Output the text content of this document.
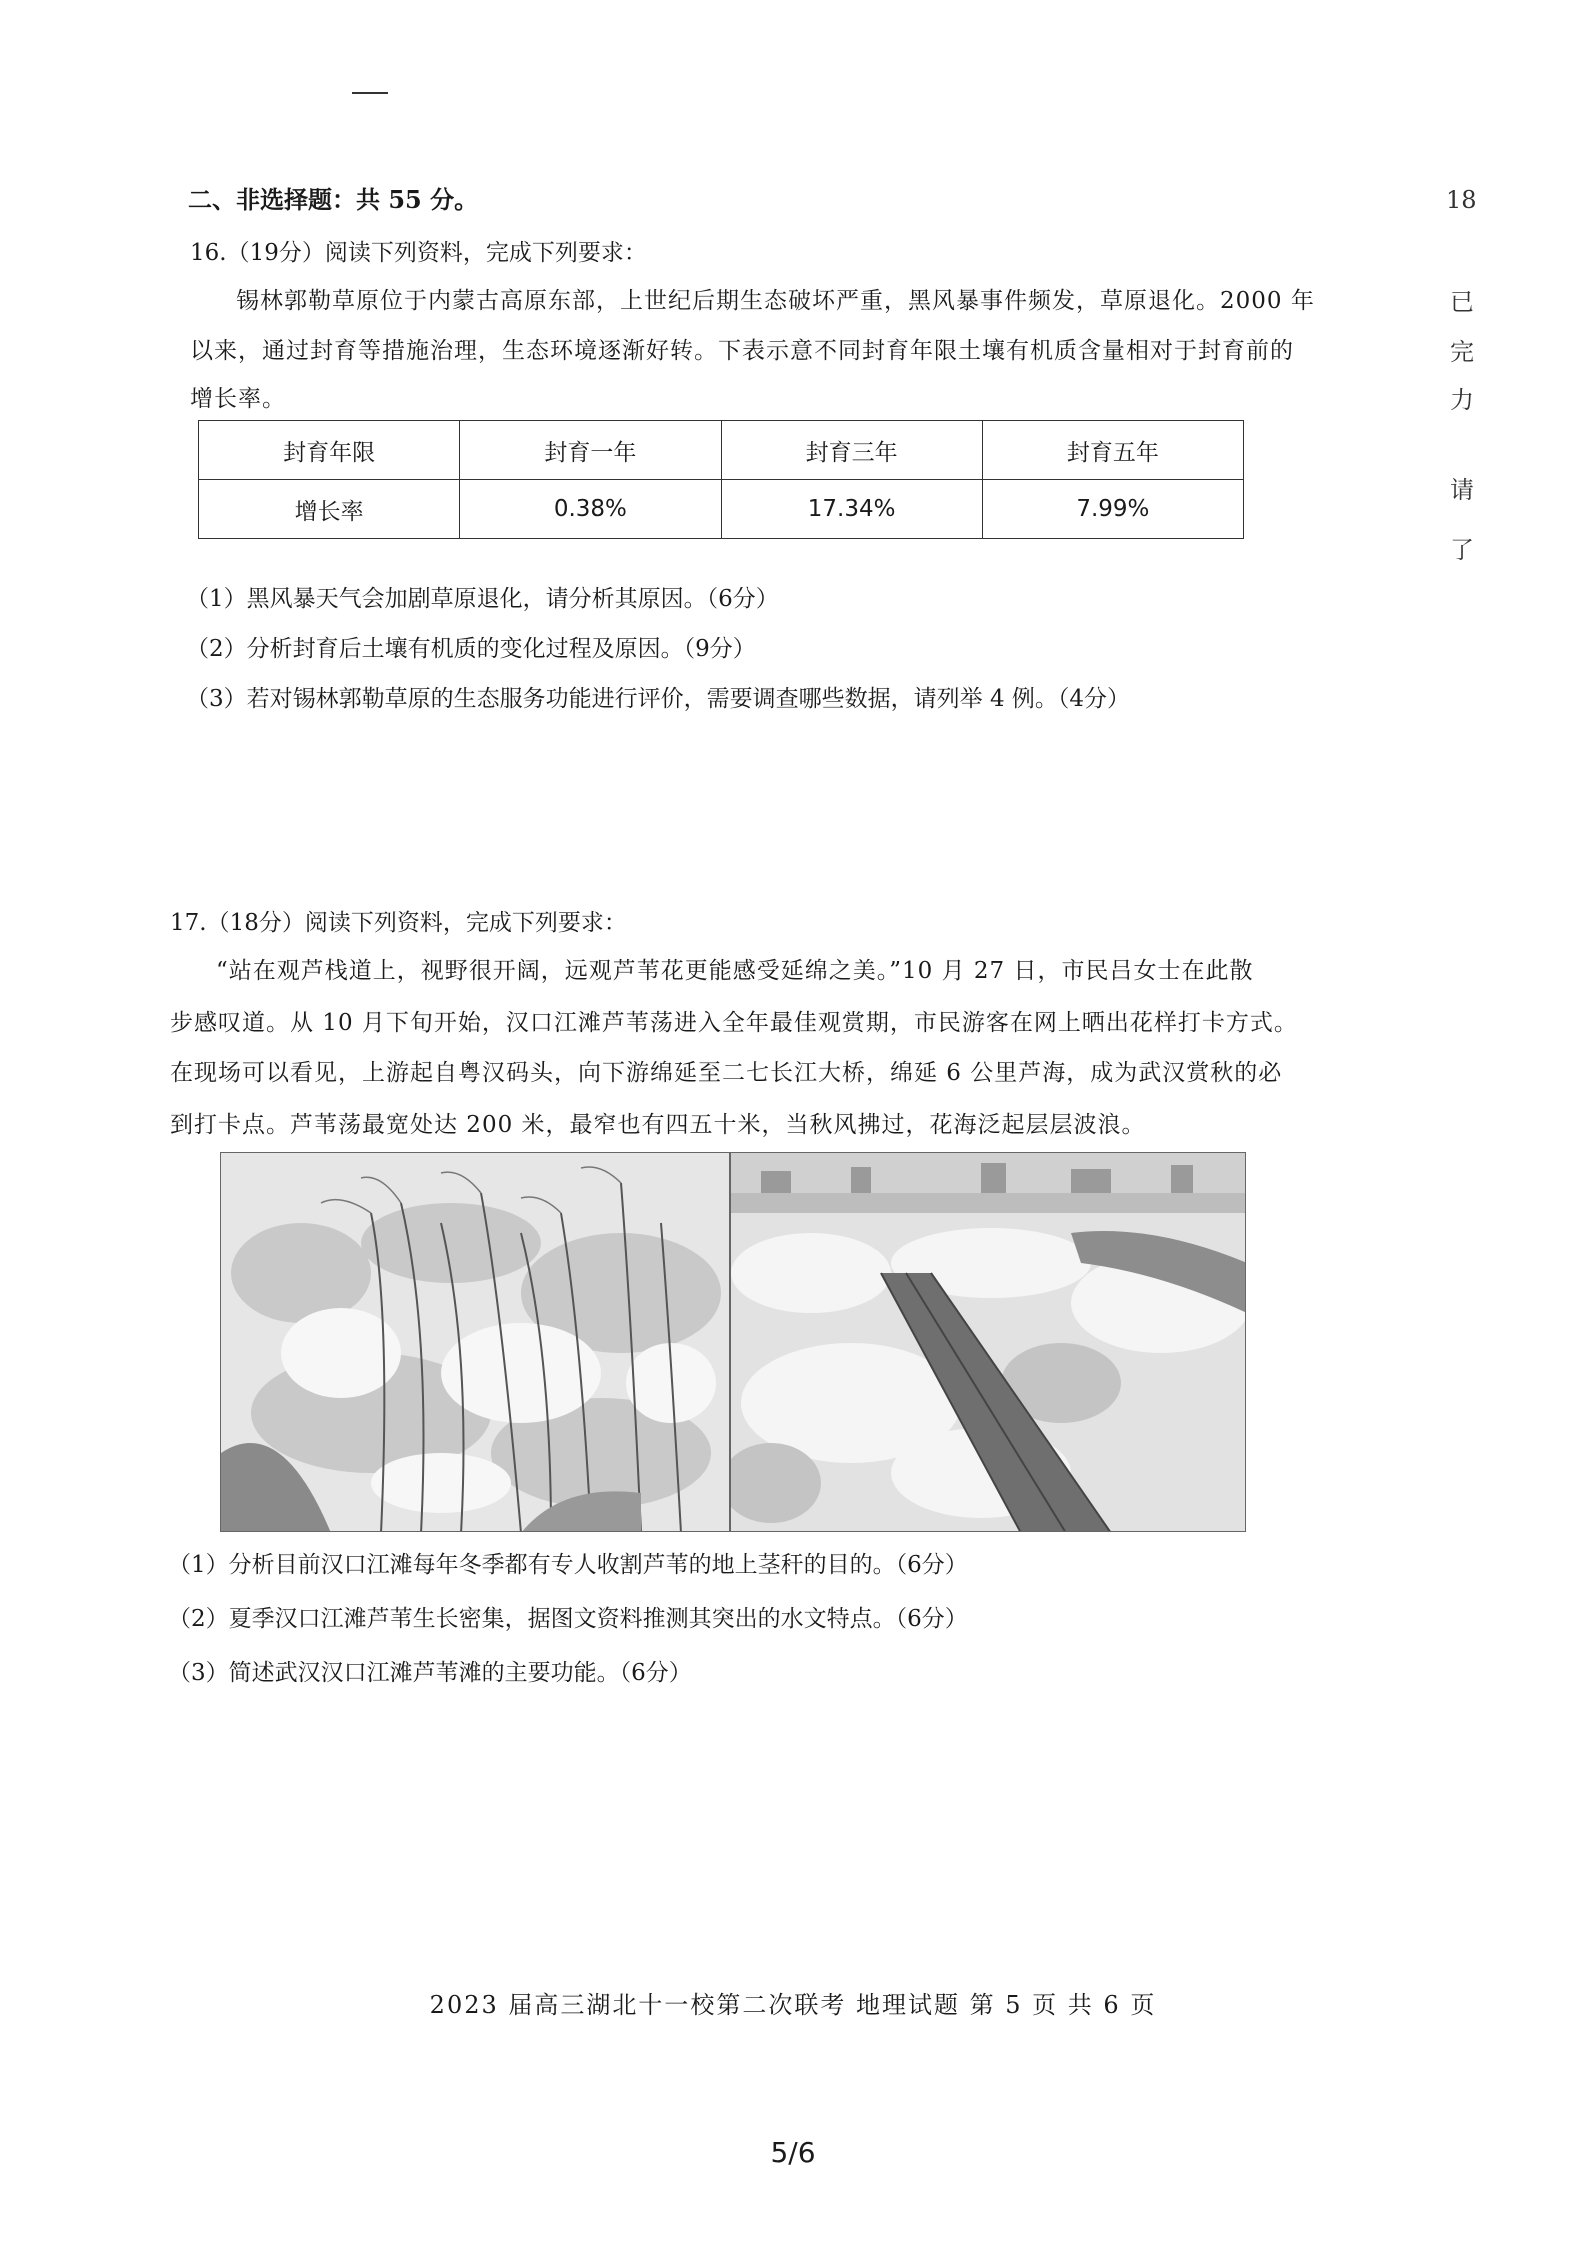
二、非选择题：共 55 分。	18
已
完
力
请
了
16.（19分）阅读下列资料，完成下列要求：
锡林郭勒草原位于内蒙古高原东部，上世纪后期生态破坏严重，黑风暴事件频发，草原退化。2000 年
以来，通过封育等措施治理，生态环境逐渐好转。下表示意不同封育年限土壤有机质含量相对于封育前的
增长率。
封育年限	封育一年	封育三年	封育五年
增长率	0.38%	17.34%	7.99%
（1）黑风暴天气会加剧草原退化，请分析其原因。（6分）
（2）分析封育后土壤有机质的变化过程及原因。（9分）
（3）若对锡林郭勒草原的生态服务功能进行评价，需要调查哪些数据，请列举 4 例。（4分）
17.（18分）阅读下列资料，完成下列要求：
“站在观芦栈道上，视野很开阔，远观芦苇花更能感受延绵之美。”10 月 27 日，市民吕女士在此散
步感叹道。从 10 月下旬开始，汉口江滩芦苇荡进入全年最佳观赏期，市民游客在网上晒出花样打卡方式。
在现场可以看见，上游起自粤汉码头，向下游绵延至二七长江大桥，绵延 6 公里芦海，成为武汉赏秋的必
到打卡点。芦苇荡最宽处达 200 米，最窄也有四五十米，当秋风拂过，花海泛起层层波浪。
（1）分析目前汉口江滩每年冬季都有专人收割芦苇的地上茎秆的目的。（6分）
（2）夏季汉口江滩芦苇生长密集，据图文资料推测其突出的水文特点。（6分）
（3）简述武汉汉口江滩芦苇滩的主要功能。（6分）
2023 届高三湖北十一校第二次联考 地理试题 第 5 页 共 6 页
5/6
